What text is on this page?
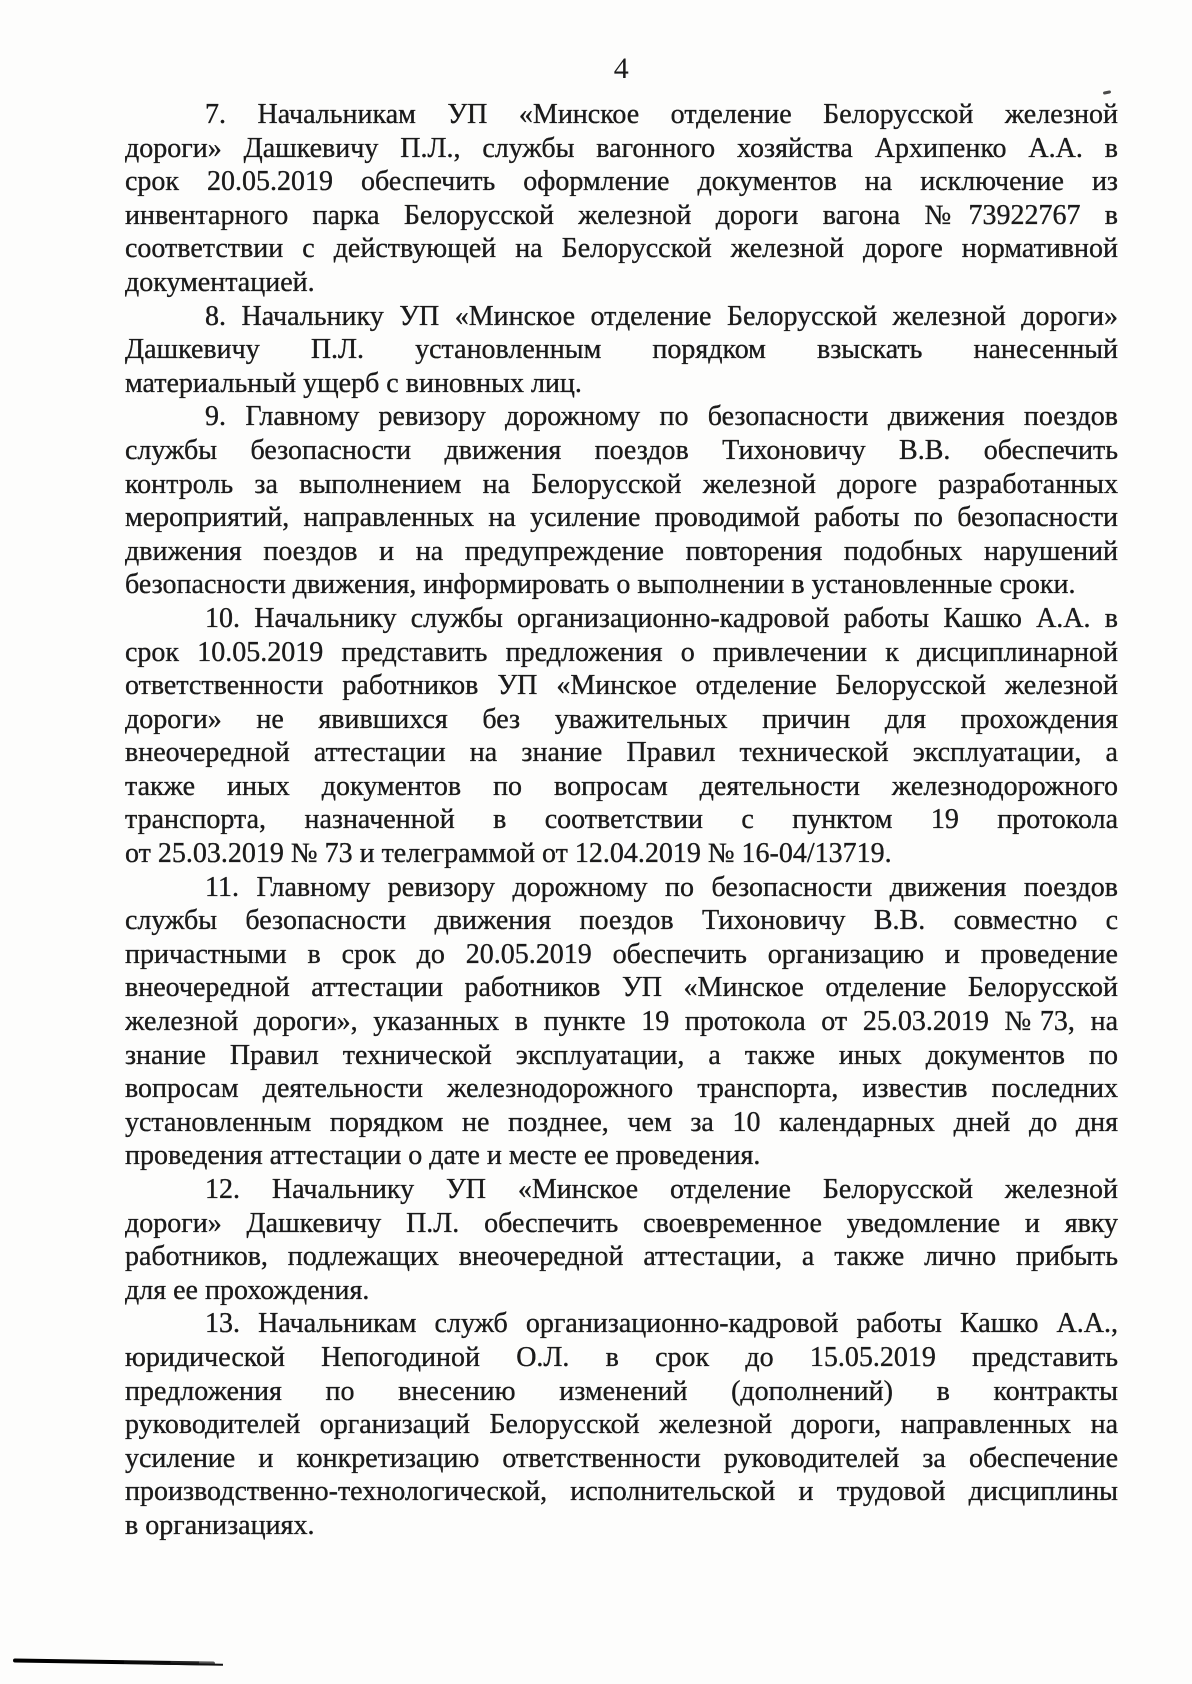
4
7. Начальникам УП «Минское отделение Белорусской железной
дороги» Дашкевичу П.Л., службы вагонного хозяйства Архипенко А.А. в
срок 20.05.2019 обеспечить оформление документов на исключение из
инвентарного парка Белорусской железной дороги вагона №73922767 в
соответствии с действующей на Белорусской железной дороге нормативной
документацией.
8. Начальнику УП «Минское отделение Белорусской железной дороги»
Дашкевичу П.Л. установленным порядком взыскать нанесенный
материальный ущерб с виновных лиц.
9. Главному ревизору дорожному по безопасности движения поездов
службы безопасности движения поездов Тихоновичу В.В. обеспечить
контроль за выполнением на Белорусской железной дороге разработанных
мероприятий, направленных на усиление проводимой работы по безопасности
движения поездов и на предупреждение повторения подобных нарушений
безопасности движения, информировать о выполнении в установленные сроки.
10. Начальнику службы организационно-кадровой работы Кашко А.А. в
срок 10.05.2019 представить предложения о привлечении к дисциплинарной
ответственности работников УП «Минское отделение Белорусской железной
дороги» не явившихся без уважительных причин для прохождения
внеочередной аттестации на знание Правил технической эксплуатации, а
также иных документов по вопросам деятельности железнодорожного
транспорта, назначенной в соответствии с пунктом 19 протокола
от 25.03.2019 № 73 и телеграммой от 12.04.2019 № 16-04/13719.
11. Главному ревизору дорожному по безопасности движения поездов
службы безопасности движения поездов Тихоновичу В.В. совместно с
причастными в срок до 20.05.2019 обеспечить организацию и проведение
внеочередной аттестации работников УП «Минское отделение Белорусской
железной дороги», указанных в пункте 19 протокола от 25.03.2019 №73, на
знание Правил технической эксплуатации, а также иных документов по
вопросам деятельности железнодорожного транспорта, известив последних
установленным порядком не позднее, чем за 10 календарных дней до дня
проведения аттестации о дате и месте ее проведения.
12. Начальнику УП «Минское отделение Белорусской железной
дороги» Дашкевичу П.Л. обеспечить своевременное уведомление и явку
работников, подлежащих внеочередной аттестации, а также лично прибыть
для ее прохождения.
13. Начальникам служб организационно-кадровой работы Кашко А.А.,
юридической Непогодиной О.Л. в срок до 15.05.2019 представить
предложения по внесению изменений (дополнений) в контракты
руководителей организаций Белорусской железной дороги, направленных на
усиление и конкретизацию ответственности руководителей за обеспечение
производственно-технологической, исполнительской и трудовой дисциплины
в организациях.
